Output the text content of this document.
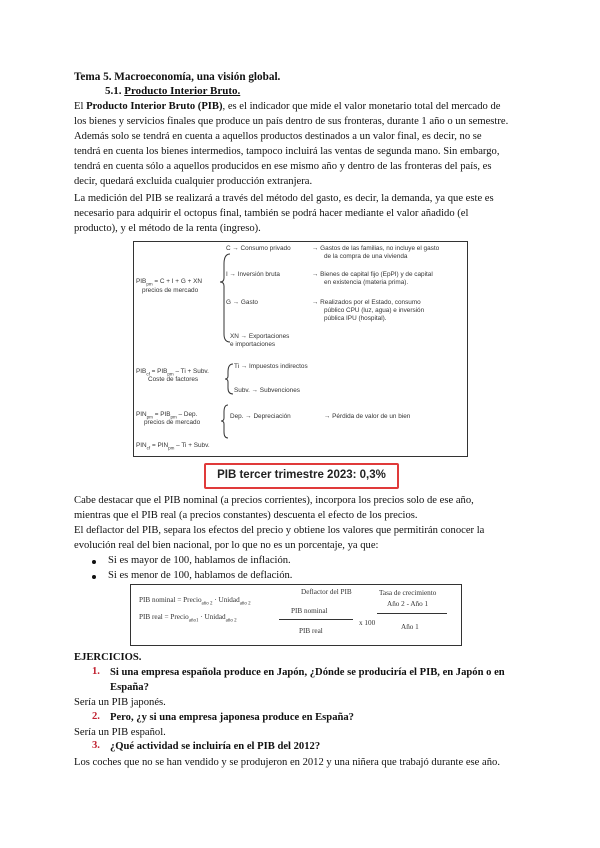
Tema 5. Macroeconomía, una visión global.
5.1. Producto Interior Bruto.
El Producto Interior Bruto (PIB), es el indicador que mide el valor monetario total del mercado de
los bienes y servicios finales que produce un país dentro de sus fronteras, durante 1 año o un semestre.
Además solo se tendrá en cuenta a aquellos productos destinados a un valor final, es decir, no se
tendrá en cuenta los bienes intermedios, tampoco incluirá las ventas de segunda mano. Sin embargo,
tendrá en cuenta sólo a aquellos producidos en ese mismo año y dentro de las fronteras del país, es
decir, quedará excluida cualquier producción extranjera.
La medición del PIB se realizará a través del método del gasto, es decir, la demanda, ya que este es
necesario para adquirir el octopus final, también se podrá hacer mediante el valor añadido (el
producto), y el método de la renta (ingreso).
$PIB_{pm} = C + I + G$ + XN
precios de mercado
C → Consumo privado	→ Gastos de las familias, no incluye el gasto
de la compra de una vivienda
I → Inversión bruta	→ Bienes de capital fijo (EpPI) y de capital
en existencia (materia prima).
G → Gasto	→ Realizados por el Estado, consumo
público CPU (luz, agua) e inversión
pública IPU (hospital).
XN → Exportaciones
e importaciones
$PIB_{cf} = PIB_{pm} - Ti$ + Subv.
Coste de factores
Ti → Impuestos indirectos
Subv. → Subvenciones
$PIN_{pm} = PIB_{pm}$ – Dep.
precios de mercado
Dep. → Depreciación	→ Pérdida de valor de un bien
$PIN_{cf} = PIN_{pm} - Ti$ + Subv.
PIB tercer trimestre 2023: 0,3%
Cabe destacar que el PIB nominal (a precios corrientes), incorpora los precios solo de ese año,
mientras que el PIB real (a precios constantes) descuenta el efecto de los precios.
El deflactor del PIB, separa los efectos del precio y obtiene los valores que permitirán conocer la
evolución real del bien nacional, por lo que no es un porcentaje, ya que:
Si es mayor de 100, hablamos de inflación.
Si es menor de 100, hablamos de deflación.
PIB nominal = Precio$_{año 2}$ · Unidad$_{año 2}$
PIB real = Precio$_{año1}$ · Unidad$_{año 2}$
Deflactor del PIB
PIB nominal
PIB real
x 100
Tasa de crecimiento
Año 2 - Año 1
Año 1
EJERCICIOS.
1. Si una empresa española produce en Japón, ¿Dónde se produciría el PIB, en Japón o en
España?
Sería un PIB japonés.
2. Pero, ¿y si una empresa japonesa produce en España?
Sería un PIB español.
3. ¿Qué actividad se incluiría en el PIB del 2012?
Los coches que no se han vendido y se produjeron en 2012 y una niñera que trabajó durante ese año.
